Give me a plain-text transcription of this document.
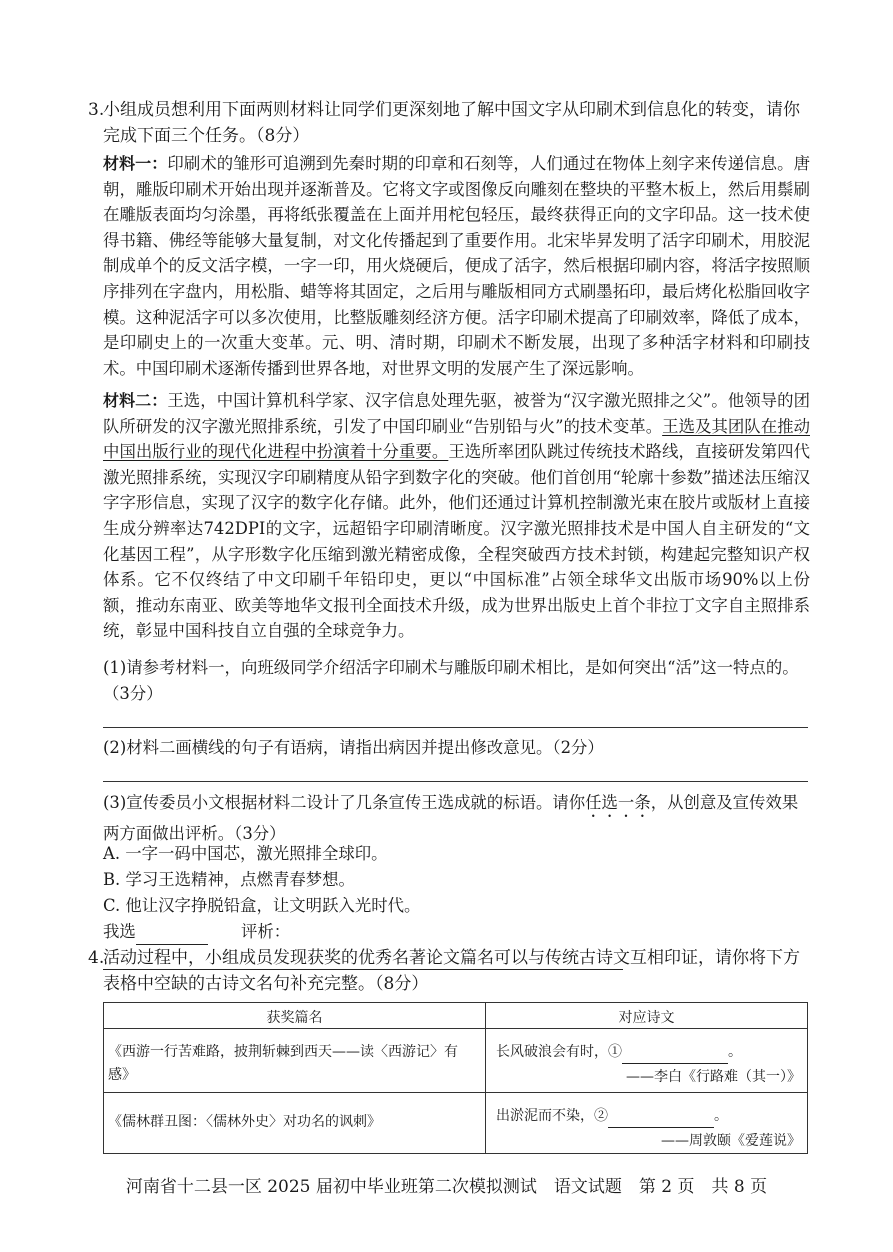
3.
小组成员想利用下面两则材料让同学们更深刻地了解中国文字从印刷术到信息化的转变，请你完成下面三个任务。（8分）
材料一：印刷术的雏形可追溯到先秦时期的印章和石刻等，人们通过在物体上刻字来传递信息。唐朝，雕版印刷术开始出现并逐渐普及。它将文字或图像反向雕刻在整块的平整木板上，然后用鬃刷在雕版表面均匀涂墨，再将纸张覆盖在上面并用柁包轻压，最终获得正向的文字印品。这一技术使得书籍、佛经等能够大量复制，对文化传播起到了重要作用。北宋毕昇发明了活字印刷术，用胶泥制成单个的反文活字模，一字一印，用火烧硬后，便成了活字，然后根据印刷内容，将活字按照顺序排列在字盘内，用松脂、蜡等将其固定，之后用与雕版相同方式刷墨拓印，最后烤化松脂回收字模。这种泥活字可以多次使用，比整版雕刻经济方便。活字印刷术提高了印刷效率，降低了成本，是印刷史上的一次重大变革。元、明、清时期，印刷术不断发展，出现了多种活字材料和印刷技术。中国印刷术逐渐传播到世界各地，对世界文明的发展产生了深远影响。
材料二：王选，中国计算机科学家、汉字信息处理先驱，被誉为“汉字激光照排之父”。他领导的团队所研发的汉字激光照排系统，引发了中国印刷业“告别铅与火”的技术变革。王选及其团队在推动中国出版行业的现代化进程中扮演着十分重要。王选所率团队跳过传统技术路线，直接研发第四代激光照排系统，实现汉字印刷精度从铅字到数字化的突破。他们首创用“轮廓十参数”描述法压缩汉字字形信息，实现了汉字的数字化存储。此外，他们还通过计算机控制激光束在胶片或版材上直接生成分辨率达742DPI的文字，远超铅字印刷清晰度。汉字激光照排技术是中国人自主研发的“文化基因工程”，从字形数字化压缩到激光精密成像，全程突破西方技术封锁，构建起完整知识产权体系。它不仅终结了中文印刷千年铅印史，更以“中国标准”占领全球华文出版市场90%以上份额，推动东南亚、欧美等地华文报刊全面技术升级，成为世界出版史上首个非拉丁文字自主照排系统，彰显中国科技自立自强的全球竞争力。
(1)请参考材料一，向班级同学介绍活字印刷术与雕版印刷术相比，是如何突出“活”这一特点的。（3分）
(2)材料二画横线的句子有语病，请指出病因并提出修改意见。（2分）
(3)宣传委员小文根据材料二设计了几条宣传王选成就的标语。请你任选一条，从创意及宣传效果两方面做出评析。（3分）
A. 一字一码中国芯，激光照排全球印。
B. 学习王选精神，点燃青春梦想。
C. 他让汉字挣脱铅盒，让文明跃入光时代。
我选	评析：
4.
活动过程中，小组成员发现获奖的优秀名著论文篇名可以与传统古诗文互相印证，请你将下方表格中空缺的古诗文名句补充完整。（8分）
获奖篇名	对应诗文
《西游一行苦难路，披荆斩棘到西天——读〈西游记〉有感》	长风破浪会有时，① 。
——李白《行路难（其一）》

《儒林群丑图：〈儒林外史〉对功名的讽刺》	出淤泥而不染，② 。
——周敦颐《爱莲说》
河南省十二县一区 2025 届初中毕业班第二次模拟测试　语文试题　第 2 页　共 8 页
